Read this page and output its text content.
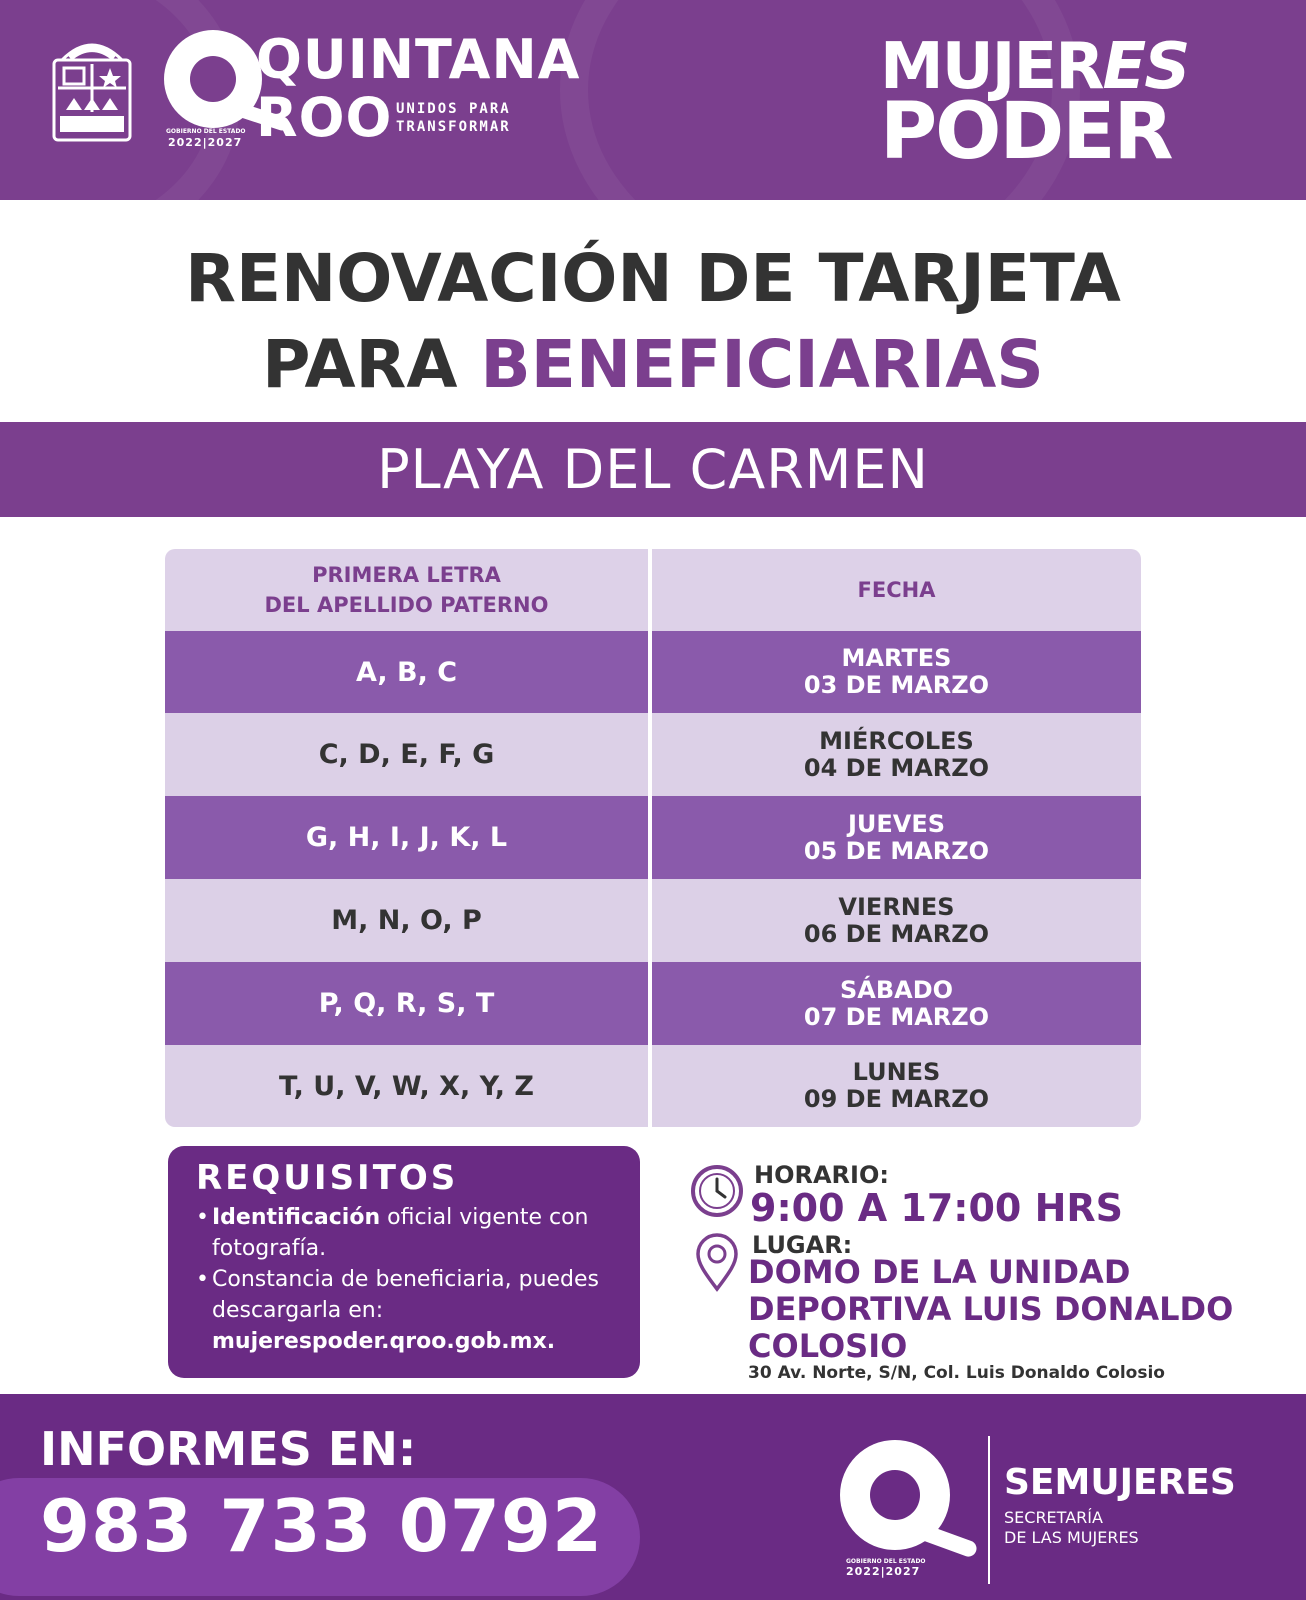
QUINTANA
ROO UNIDOS PARA TRANSFORMAR
GOBIERNO DEL ESTADO
2022|2027
MUJERES
PODER
RENOVACIÓN DE TARJETA
PARA BENEFICIARIAS
PLAYA DEL CARMEN
PRIMERA LETRA
DEL APELLIDO PATERNO
FECHA
A, B, C	MARTES
03 DE MARZO
C, D, E, F, G	MIÉRCOLES
04 DE MARZO
G, H, I, J, K, L	JUEVES
05 DE MARZO
M, N, O, P	VIERNES
06 DE MARZO
P, Q, R, S, T	SÁBADO
07 DE MARZO
T, U, V, W, X, Y, Z	LUNES
09 DE MARZO
REQUISITOS
• Identificación oficial vigente con fotografía.
• Constancia de beneficiaria, puedes descargarla en:
mujerespoder.qroo.gob.mx.
HORARIO:
9:00 A 17:00 HRS
LUGAR:
DOMO DE LA UNIDAD DEPORTIVA LUIS DONALDO COLOSIO
30 Av. Norte, S/N, Col. Luis Donaldo Colosio
INFORMES EN:
983 733 0792	GOBIERNO DEL ESTADO
2022|2027
SEMUJERES
SECRETARÍA
DE LAS MUJERES
